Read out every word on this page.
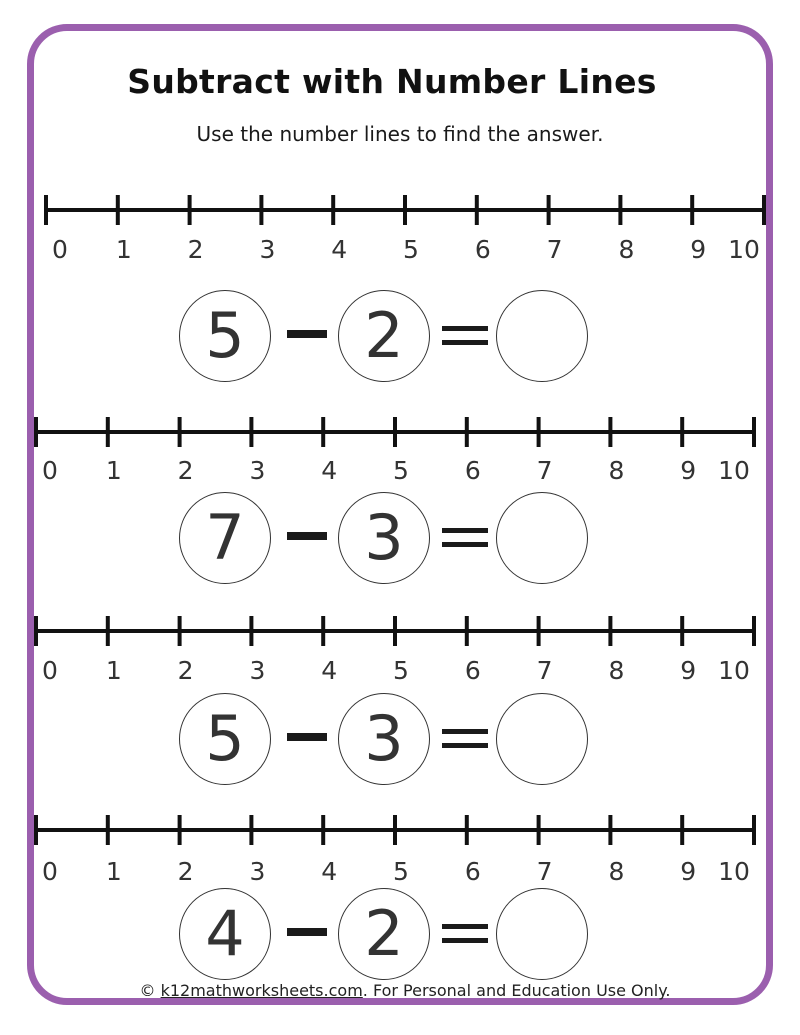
Subtract with Number Lines
Use the number lines to find the answer.
0 1 2 3 4 5 6 7 8 9 10
5	2
0 1 2 3 4 5 6 7 8 9 10
7	3
0 1 2 3 4 5 6 7 8 9 10
5	3
0 1 2 3 4 5 6 7 8 9 10
4	2
© k12mathworksheets.com. For Personal and Education Use Only.
